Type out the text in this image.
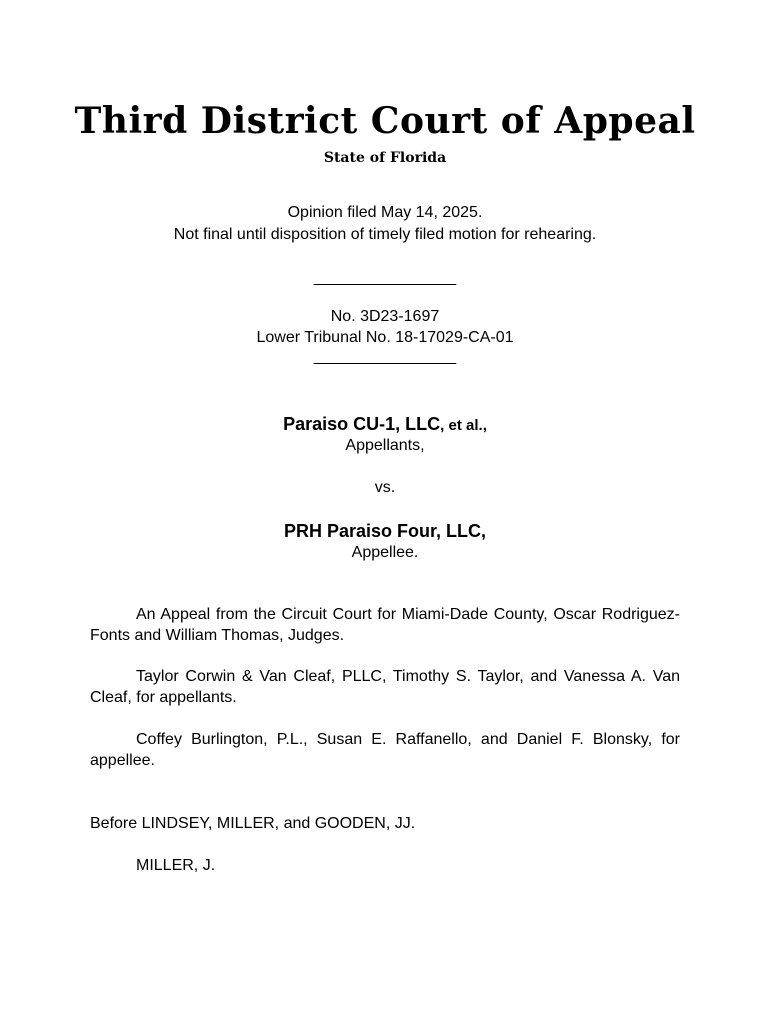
Third District Court of Appeal
State of Florida
Opinion filed May 14, 2025.
Not final until disposition of timely filed motion for rehearing.
________________
No. 3D23-1697
Lower Tribunal No. 18-17029-CA-01
________________
Paraiso CU-1, LLC, et al.,
Appellants,
vs.
PRH Paraiso Four, LLC,
Appellee.
An Appeal from the Circuit Court for Miami-Dade County, Oscar Rodriguez-Fonts and William Thomas, Judges.
Taylor Corwin & Van Cleaf, PLLC, Timothy S. Taylor, and Vanessa A. Van Cleaf, for appellants.
Coffey Burlington, P.L., Susan E. Raffanello, and Daniel F. Blonsky, for appellee.
Before LINDSEY, MILLER, and GOODEN, JJ.
MILLER, J.
